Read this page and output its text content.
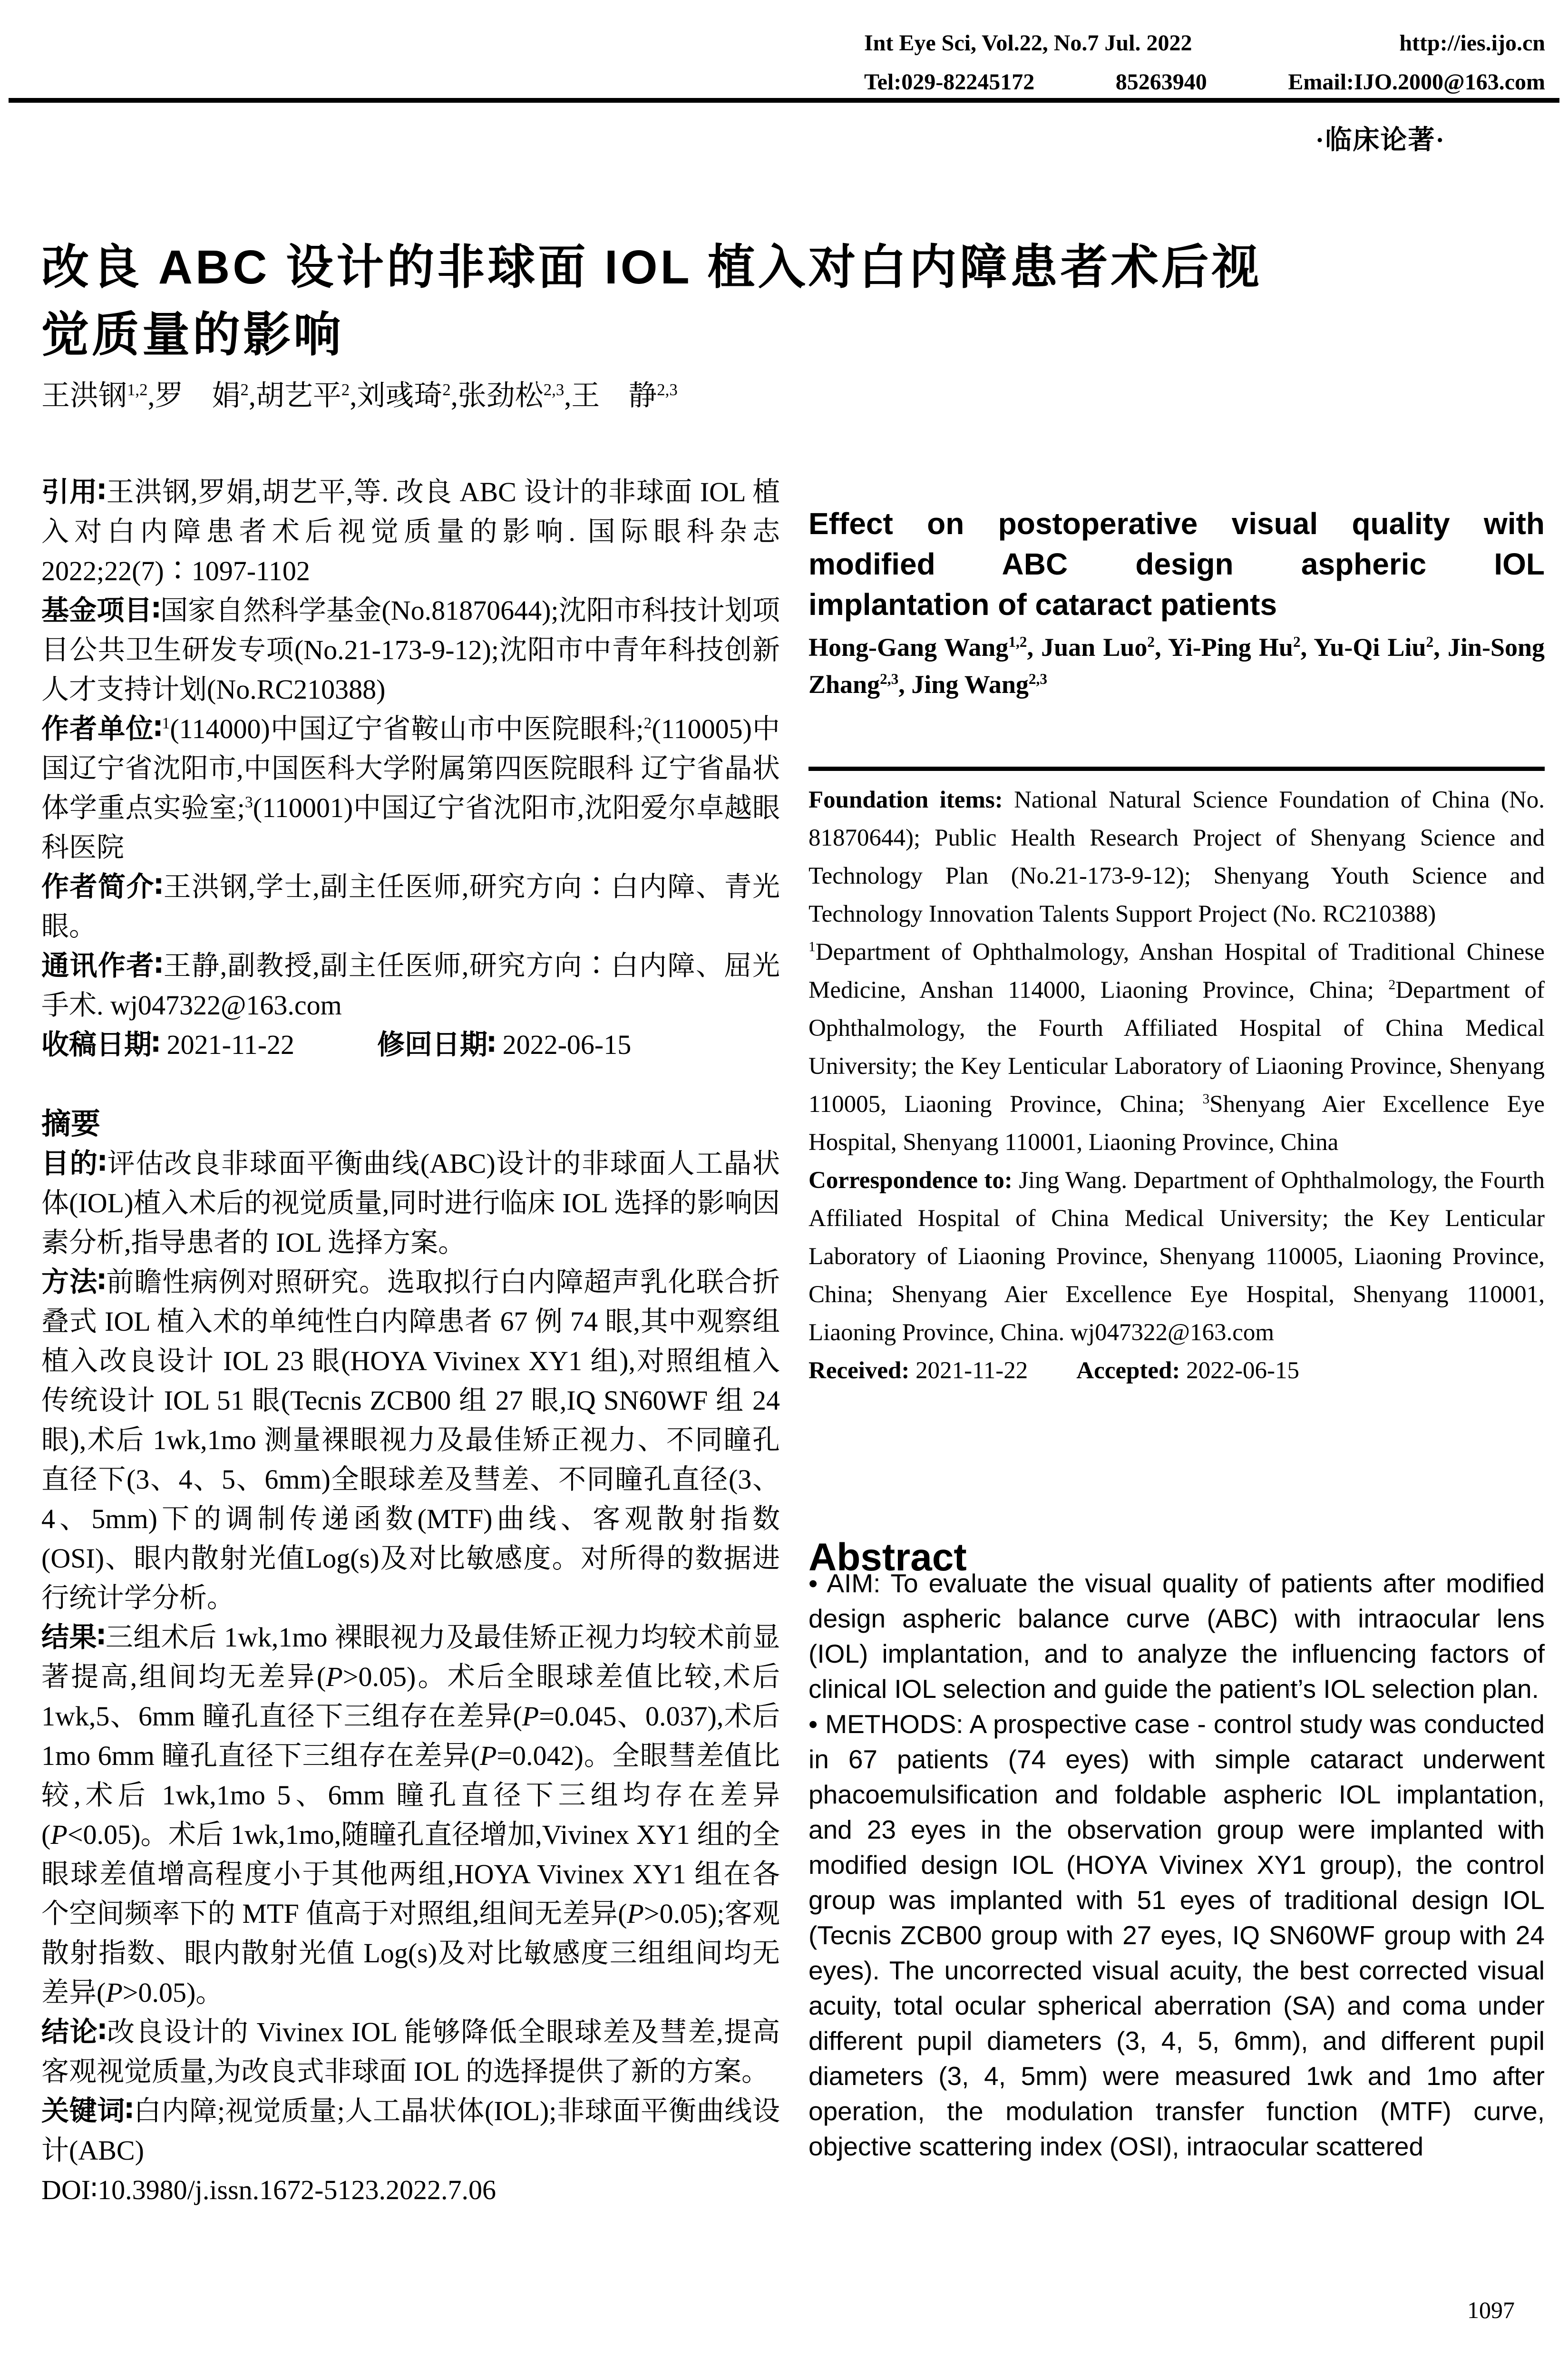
Int Eye Sci, Vol.22, No.7 Jul. 2022	http://ies.ijo.cn
Tel:029-82245172	85263940	Email:IJO.2000@163.com
·临床论著·
改良 ABC 设计的非球面 IOL 植入对白内障患者术后视
觉质量的影响
王洪钢$^{1,2}$,罗　娟$^2$,胡艺平$^2$,刘彧琦$^2$,张劲松$^{2,3}$,王　静$^{2,3}$

引用∶王洪钢,罗娟,胡艺平,等. 改良 ABC 设计的非球面 IOL 植入对白内障患者术后视觉质量的影响. 国际眼科杂志 2022;22(7)∶1097-1102

基金项目∶国家自然科学基金(No.81870644);沈阳市科技计划项目公共卫生研发专项(No.21-173-9-12);沈阳市中青年科技创新人才支持计划(No.RC210388)

作者单位∶$^1$(114000)中国辽宁省鞍山市中医院眼科;$^2$(110005)中国辽宁省沈阳市,中国医科大学附属第四医院眼科 辽宁省晶状体学重点实验室;$^3$(110001)中国辽宁省沈阳市,沈阳爱尔卓越眼科医院

作者简介∶王洪钢,学士,副主任医师,研究方向∶白内障、青光眼。

通讯作者∶王静,副教授,副主任医师,研究方向∶白内障、屈光手术. wj047322@163.com

收稿日期∶ 2021-11-22   修回日期∶ 2022-06-15

摘要

目的∶评估改良非球面平衡曲线(ABC)设计的非球面人工晶状体(IOL)植入术后的视觉质量,同时进行临床 IOL 选择的影响因素分析,指导患者的 IOL 选择方案。

方法∶前瞻性病例对照研究。选取拟行白内障超声乳化联合折叠式 IOL 植入术的单纯性白内障患者 67 例 74 眼,其中观察组植入改良设计 IOL 23 眼(HOYA Vivinex XY1 组),对照组植入传统设计 IOL 51 眼(Tecnis ZCB00 组 27 眼,IQ SN60WF 组 24 眼),术后 1wk,1mo 测量裸眼视力及最佳矫正视力、不同瞳孔直径下(3、4、5、6mm)全眼球差及彗差、不同瞳孔直径(3、4、5mm)下的调制传递函数(MTF)曲线、客观散射指数(OSI)、眼内散射光值Log(s)及对比敏感度。对所得的数据进行统计学分析。

结果∶三组术后 1wk,1mo 裸眼视力及最佳矫正视力均较术前显著提高,组间均无差异(P>0.05)。术后全眼球差值比较,术后 1wk,5、6mm 瞳孔直径下三组存在差异(P=0.045、0.037),术后 1mo 6mm 瞳孔直径下三组存在差异(P=0.042)。全眼彗差值比较,术后 1wk,1mo 5、6mm 瞳孔直径下三组均存在差异(P<0.05)。术后 1wk,1mo,随瞳孔直径增加,Vivinex XY1 组的全眼球差值增高程度小于其他两组,HOYA Vivinex XY1 组在各个空间频率下的 MTF 值高于对照组,组间无差异(P>0.05);客观散射指数、眼内散射光值 Log(s)及对比敏感度三组组间均无差异(P>0.05)。

结论∶改良设计的 Vivinex IOL 能够降低全眼球差及彗差,提高客观视觉质量,为改良式非球面 IOL 的选择提供了新的方案。

关键词∶白内障;视觉质量;人工晶状体(IOL);非球面平衡曲线设计(ABC)

DOI∶10.3980/j.issn.1672-5123.2022.7.06

Effect on postoperative visual quality with
modified ABC design aspheric IOL
implantation of cataract patients
Hong-Gang Wang$^{1,2}$, Juan Luo$^2$, Yi-Ping Hu$^2$, Yu-Qi Liu$^2$, Jin-Song Zhang$^{2,3}$, Jing Wang$^{2,3}$

Foundation items: National Natural Science Foundation of China (No. 81870644); Public Health Research Project of Shenyang Science and Technology Plan (No.21-173-9-12); Shenyang Youth Science and Technology Innovation Talents Support Project (No. RC210388)

$^1$Department of Ophthalmology, Anshan Hospital of Traditional Chinese Medicine, Anshan 114000, Liaoning Province, China; $^2$Department of Ophthalmology, the Fourth Affiliated Hospital of China Medical University; the Key Lenticular Laboratory of Liaoning Province, Shenyang 110005, Liaoning Province, China; $^3$Shenyang Aier Excellence Eye Hospital, Shenyang 110001, Liaoning Province, China

Correspondence to: Jing Wang. Department of Ophthalmology, the Fourth Affiliated Hospital of China Medical University; the Key Lenticular Laboratory of Liaoning Province, Shenyang 110005, Liaoning Province, China; Shenyang Aier Excellence Eye Hospital, Shenyang 110001, Liaoning Province, China. wj047322@163.com

Received: 2021-11-22  Accepted: 2022-06-15

Abstract

• AIM: To evaluate the visual quality of patients after modified design aspheric balance curve (ABC) with intraocular lens (IOL) implantation, and to analyze the influencing factors of clinical IOL selection and guide the patient’s IOL selection plan.

• METHODS: A prospective case - control study was conducted in 67 patients (74 eyes) with simple cataract underwent phacoemulsification and foldable aspheric IOL implantation, and 23 eyes in the observation group were implanted with modified design IOL (HOYA Vivinex XY1 group), the control group was implanted with 51 eyes of traditional design IOL (Tecnis ZCB00 group with 27 eyes, IQ SN60WF group with 24 eyes). The uncorrected visual acuity, the best corrected visual acuity, total ocular spherical aberration (SA) and coma under different pupil diameters (3, 4, 5, 6mm), and different pupil diameters (3, 4, 5mm) were measured 1wk and 1mo after operation, the modulation transfer function (MTF) curve, objective scattering index (OSI), intraocular scattered

1097
